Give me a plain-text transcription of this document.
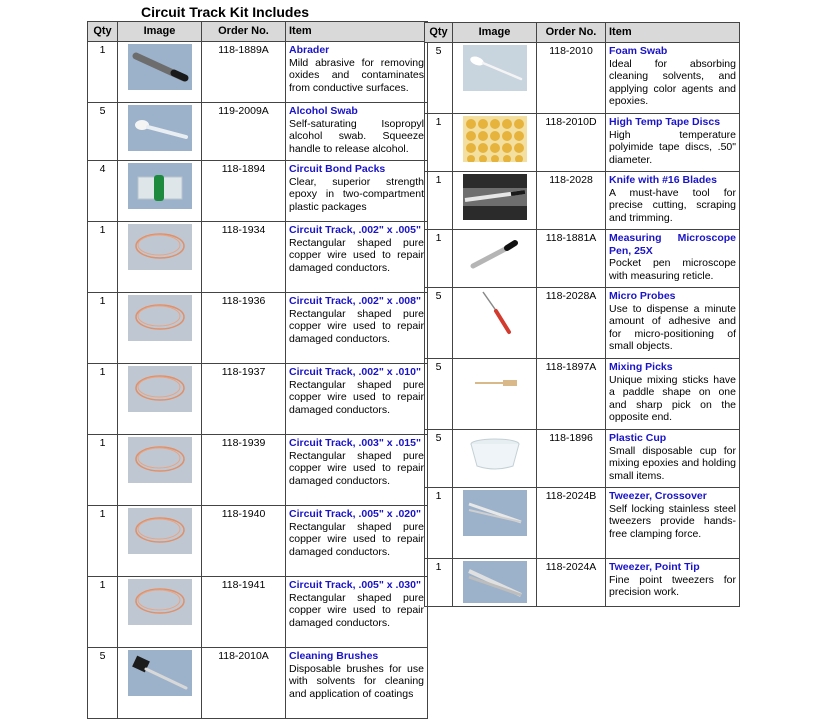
Circuit Track Kit Includes
Qty	Image	Order No.	Item
1		118-1889A	Abrader
Mild abrasive for removing oxides and contaminates from conductive surfaces.

5		119-2009A	Alcohol Swab
Self-saturating Isopropyl alcohol swab. Squeeze handle to release alcohol.

4		118-1894	Circuit Bond Packs
Clear, superior strength epoxy in two-compartment plastic packages

1		118-1934	Circuit Track, .002" x .005"
Rectangular shaped pure copper wire used to repair damaged conductors.

1		118-1936	Circuit Track, .002" x .008"
Rectangular shaped pure copper wire used to repair damaged conductors.

1		118-1937	Circuit Track, .002" x .010"
Rectangular shaped pure copper wire used to repair damaged conductors.

1		118-1939	Circuit Track, .003" x .015"
Rectangular shaped pure copper wire used to repair damaged conductors.

1		118-1940	Circuit Track, .005" x .020"
Rectangular shaped pure copper wire used to repair damaged conductors.

1		118-1941	Circuit Track, .005" x .030"
Rectangular shaped pure copper wire used to repair damaged conductors.

5		118-2010A	Cleaning Brushes
Disposable brushes for use with solvents for cleaning and application of coatings
Qty	Image	Order No.	Item
5		118-2010	Foam Swab
Ideal for absorbing cleaning solvents, and applying color agents and epoxies.

1		118-2010D	High Temp Tape Discs
High temperature polyimide tape discs, .50" diameter.

1		118-2028	Knife with #16 Blades
A must-have tool for precise cutting, scraping and trimming.

1		118-1881A	Measuring Microscope Pen, 25X
Pocket pen microscope with measuring reticle.

5		118-2028A	Micro Probes
Use to dispense a minute amount of adhesive and for micro-positioning of small objects.

5		118-1897A	Mixing Picks
Unique mixing sticks have a paddle shape on one and sharp pick on the opposite end.

5		118-1896	Plastic Cup
Small disposable cup for mixing epoxies and holding small items.

1		118-2024B	Tweezer, Crossover
Self locking stainless steel tweezers provide hands-free clamping force.

1		118-2024A	Tweezer, Point Tip
Fine point tweezers for precision work.
